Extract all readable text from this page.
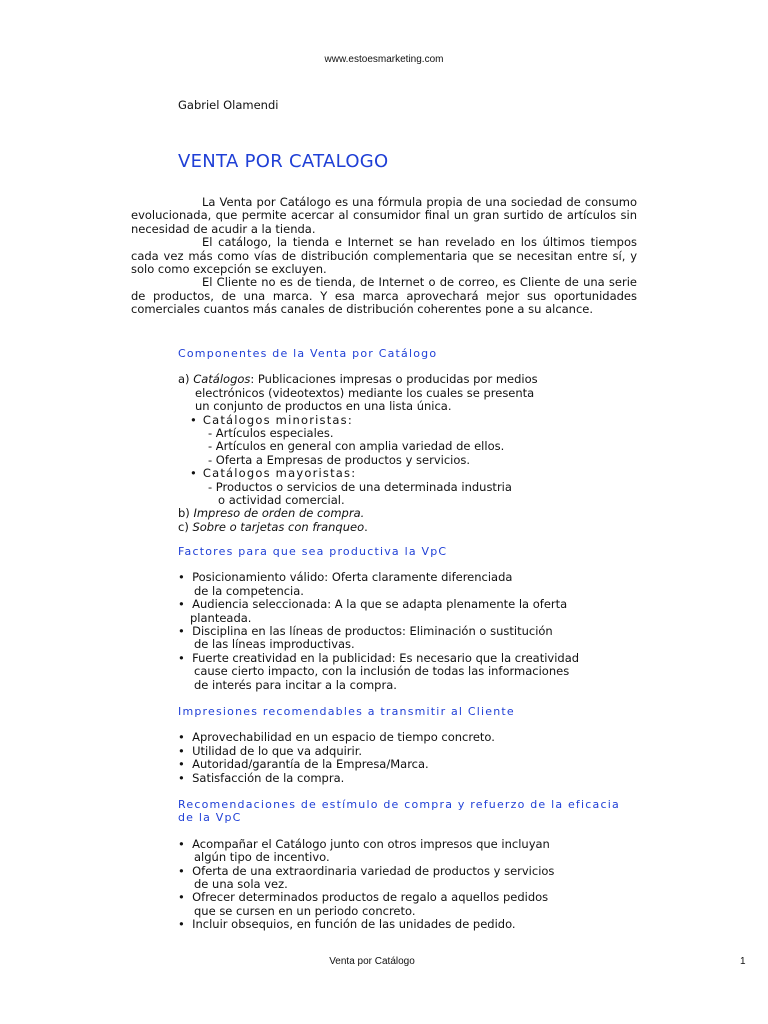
www.estoesmarketing.com
Gabriel Olamendi
VENTA POR CATALOGO

La Venta por Catálogo es una fórmula propia de una sociedad de consumo evolucionada, que permite acercar al consumidor final un gran surtido de artículos sin necesidad de acudir a la tienda.

El catálogo, la tienda e Internet se han revelado en los últimos tiempos cada vez más como vías de distribución complementaria que se necesitan entre sí, y solo como excepción se excluyen.

El Cliente no es de tienda, de Internet o de correo, es Cliente de una serie de productos, de una marca. Y esa marca aprovechará mejor sus oportunidades comerciales cuantos más canales de distribución coherentes pone a su alcance.

Componentes de la Venta por Catálogo
a) Catálogos: Publicaciones impresas o producidas por medios
electrónicos (videotextos) mediante los cuales se presenta
un conjunto de productos en una lista única.
• Catálogos minoristas:
- Artículos especiales.
- Artículos en general con amplia variedad de ellos.
- Oferta a Empresas de productos y servicios.
• Catálogos mayoristas:
- Productos o servicios de una determinada industria
o actividad comercial.
b) Impreso de orden de compra.
c) Sobre o tarjetas con franqueo.
Factores para que sea productiva la VpC
•  Posicionamiento válido: Oferta claramente diferenciada
de la competencia.
•  Audiencia seleccionada: A la que se adapta plenamente la oferta
planteada.
•  Disciplina en las líneas de productos: Eliminación o sustitución
de las líneas improductivas.
•  Fuerte creatividad en la publicidad: Es necesario que la creatividad
cause cierto impacto, con la inclusión de todas las informaciones
de interés para incitar a la compra.
Impresiones recomendables a transmitir al Cliente
•  Aprovechabilidad en un espacio de tiempo concreto.
•  Utilidad de lo que va adquirir.
•  Autoridad/garantía de la Empresa/Marca.
•  Satisfacción de la compra.
Recomendaciones de estímulo de compra y refuerzo de la eficacia
de la VpC
•  Acompañar el Catálogo junto con otros impresos que incluyan
algún tipo de incentivo.
•  Oferta de una extraordinaria variedad de productos y servicios
de una sola vez.
•  Ofrecer determinados productos de regalo a aquellos pedidos
que se cursen en un periodo concreto.
•  Incluir obsequios, en función de las unidades de pedido.
Venta por Catálogo	1
